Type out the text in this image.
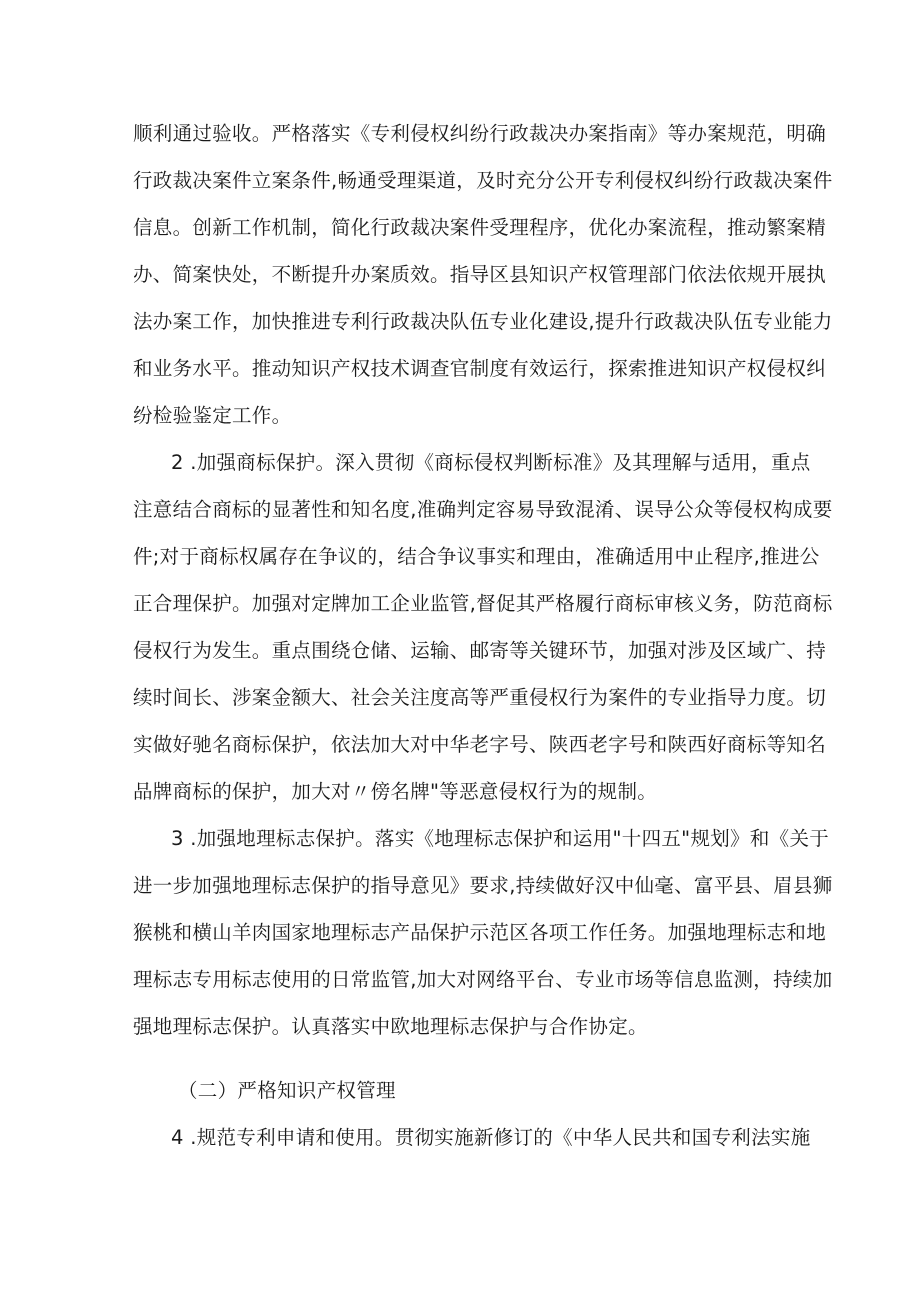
顺利通过验收。严格落实《专利侵权纠纷行政裁决办案指南》等办案规范，明确
行政裁决案件立案条件,畅通受理渠道，及时充分公开专利侵权纠纷行政裁决案件
信息。创新工作机制，简化行政裁决案件受理程序，优化办案流程，推动繁案精
办、简案快处，不断提升办案质效。指导区县知识产权管理部门依法依规开展执
法办案工作，加快推进专利行政裁决队伍专业化建设,提升行政裁决队伍专业能力
和业务水平。推动知识产权技术调查官制度有效运行，探索推进知识产权侵权纠
纷检验鉴定工作。
2 .加强商标保护。深入贯彻《商标侵权判断标准》及其理解与适用，重点
注意结合商标的显著性和知名度,准确判定容易导致混淆、误导公众等侵权构成要
件;对于商标权属存在争议的，结合争议事实和理由，准确适用中止程序,推进公
正合理保护。加强对定牌加工企业监管,督促其严格履行商标审核义务，防范商标
侵权行为发生。重点围绕仓储、运输、邮寄等关键环节，加强对涉及区域广、持
续时间长、涉案金额大、社会关注度高等严重侵权行为案件的专业指导力度。切
实做好驰名商标保护，依法加大对中华老字号、陕西老字号和陕西好商标等知名
品牌商标的保护，加大对〃傍名牌"等恶意侵权行为的规制。
3 .加强地理标志保护。落实《地理标志保护和运用"十四五"规划》和《关于
进一步加强地理标志保护的指导意见》要求,持续做好汉中仙毫、富平县、眉县狮
猴桃和横山羊肉国家地理标志产品保护示范区各项工作任务。加强地理标志和地
理标志专用标志使用的日常监管,加大对网络平台、专业市场等信息监测，持续加
强地理标志保护。认真落实中欧地理标志保护与合作协定。
（二）严格知识产权管理
4 .规范专利申请和使用。贯彻实施新修订的《中华人民共和国专利法实施
